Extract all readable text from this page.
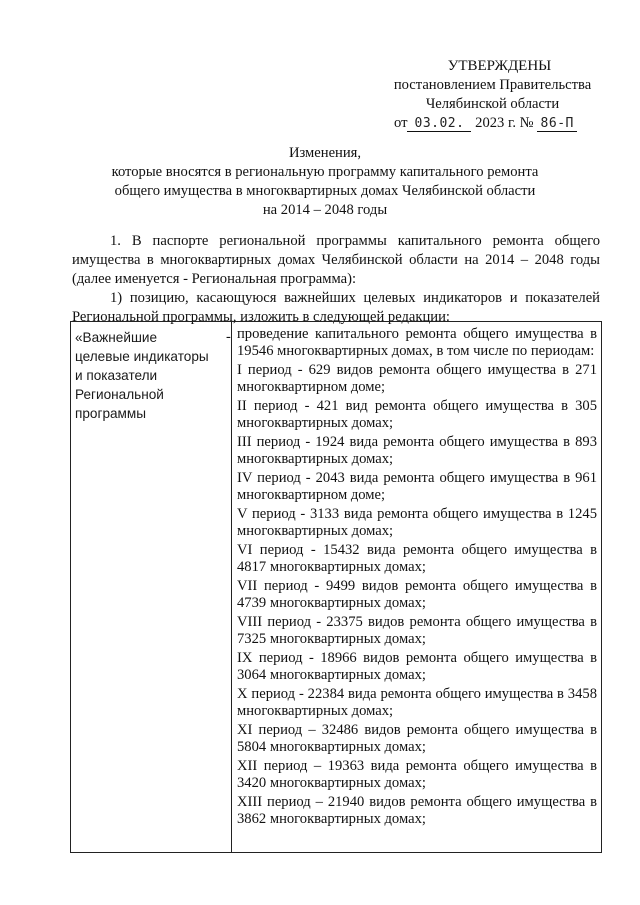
УТВЕРЖДЕНЫ
постановлением Правительства
Челябинской области
от 03.02. 2023 г. № 86-П
Изменения,
которые вносятся в региональную программу капитального ремонта
общего имущества в многоквартирных домах Челябинской области
на 2014 – 2048 годы

1. В паспорте региональной программы капитального ремонта общего имущества в многоквартирных домах Челябинской области на 2014 – 2048 годы (далее именуется - Региональная программа):

1) позицию, касающуюся важнейших целевых индикаторов и показателей Региональной программы, изложить в следующей редакции:

«Важнейшие
целевые индикаторы
и показатели
Региональной
программы
- проведение капитального ремонта общего имущества в 19546 многоквартирных домах, в том числе по периодам:
I период - 629 видов ремонта общего имущества в 271 многоквартирном доме;
II период - 421 вид ремонта общего имущества в 305 многоквартирных домах;
III период - 1924 вида ремонта общего имущества в 893 многоквартирных домах;
IV период - 2043 вида ремонта общего имущества в 961 многоквартирном доме;
V период - 3133 вида ремонта общего имущества в 1245 многоквартирных домах;
VI период - 15432 вида ремонта общего имущества в 4817 многоквартирных домах;
VII период - 9499 видов ремонта общего имущества в 4739 многоквартирных домах;
VIII период - 23375 видов ремонта общего имущества в 7325 многоквартирных домах;
IX период - 18966 видов ремонта общего имущества в 3064 многоквартирных домах;
X период - 22384 вида ремонта общего имущества в 3458 многоквартирных домах;
XI период – 32486 видов ремонта общего имущества в 5804 многоквартирных домах;
XII период – 19363 вида ремонта общего имущества в 3420 многоквартирных домах;
XIII период – 21940 видов ремонта общего имущества в 3862 многоквартирных домах;
